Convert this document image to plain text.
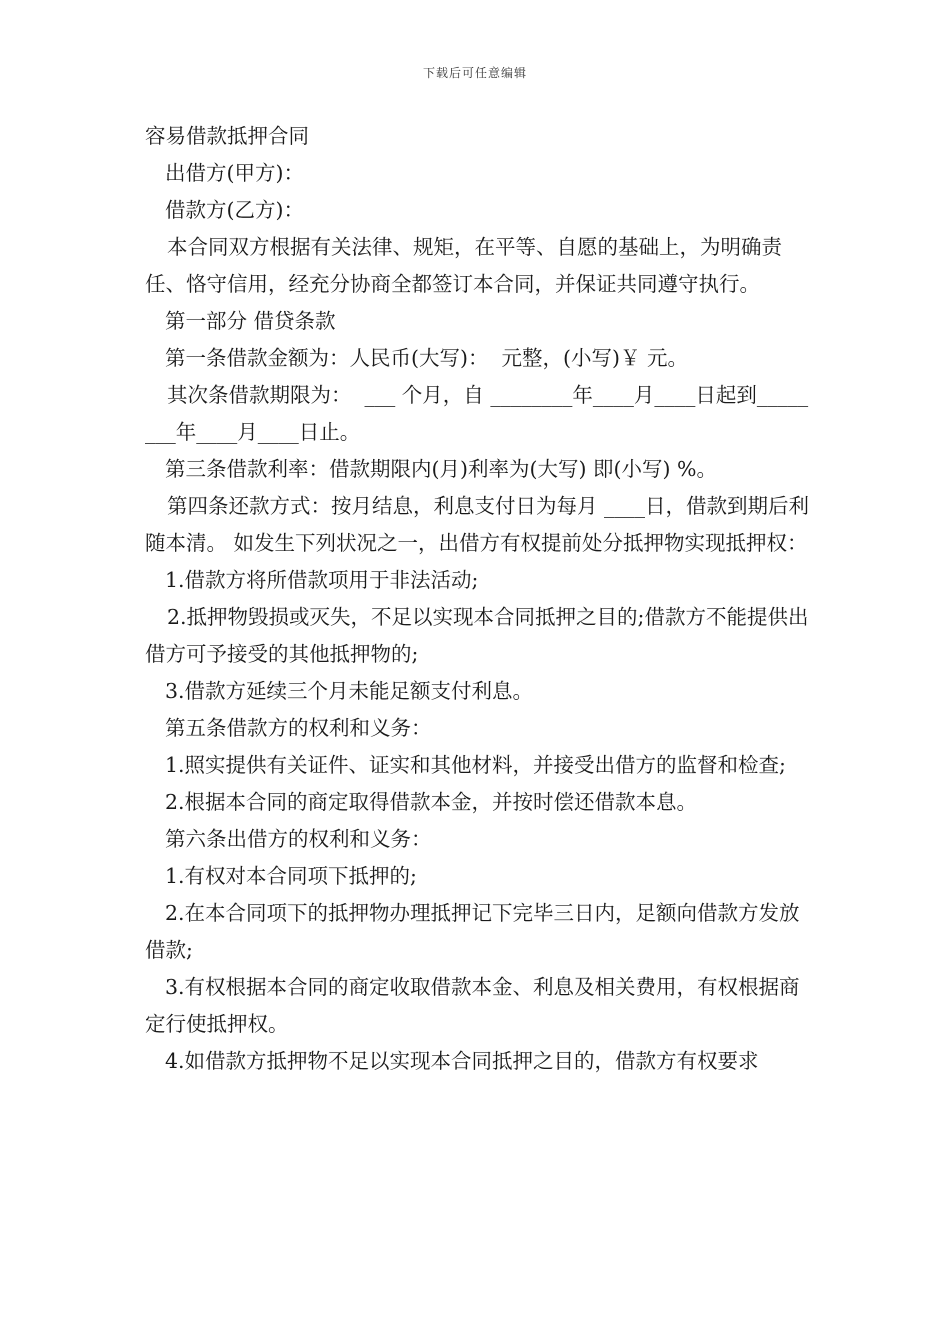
下载后可任意编辑
容易借款抵押合同
出借方(甲方)：
借款方(乙方)：
本合同双方根据有关法律、规矩，在平等、自愿的基础上，为明确责任、恪守信用，经充分协商全都签订本合同，并保证共同遵守执行。
第一部分 借贷条款
第一条借款金额为：人民币(大写)：  元整，(小写)￥ 元。
其次条借款期限为：  ___ 个月，自 ________年____月____日起到________年____月____日止。
第三条借款利率：借款期限内(月)利率为(大写) 即(小写) %。
第四条还款方式：按月结息，利息支付日为每月 ____日，借款到期后利随本清。 如发生下列状况之一，出借方有权提前处分抵押物实现抵押权：
1.借款方将所借款项用于非法活动;
2.抵押物毁损或灭失，不足以实现本合同抵押之目的;借款方不能提供出借方可予接受的其他抵押物的;
3.借款方延续三个月未能足额支付利息。
第五条借款方的权利和义务：
1.照实提供有关证件、证实和其他材料，并接受出借方的监督和检查;
2.根据本合同的商定取得借款本金，并按时偿还借款本息。
第六条出借方的权利和义务：
1.有权对本合同项下抵押的;
2.在本合同项下的抵押物办理抵押记下完毕三日内，足额向借款方发放借款;
3.有权根据本合同的商定收取借款本金、利息及相关费用，有权根据商定行使抵押权。
4.如借款方抵押物不足以实现本合同抵押之目的，借款方有权要求
